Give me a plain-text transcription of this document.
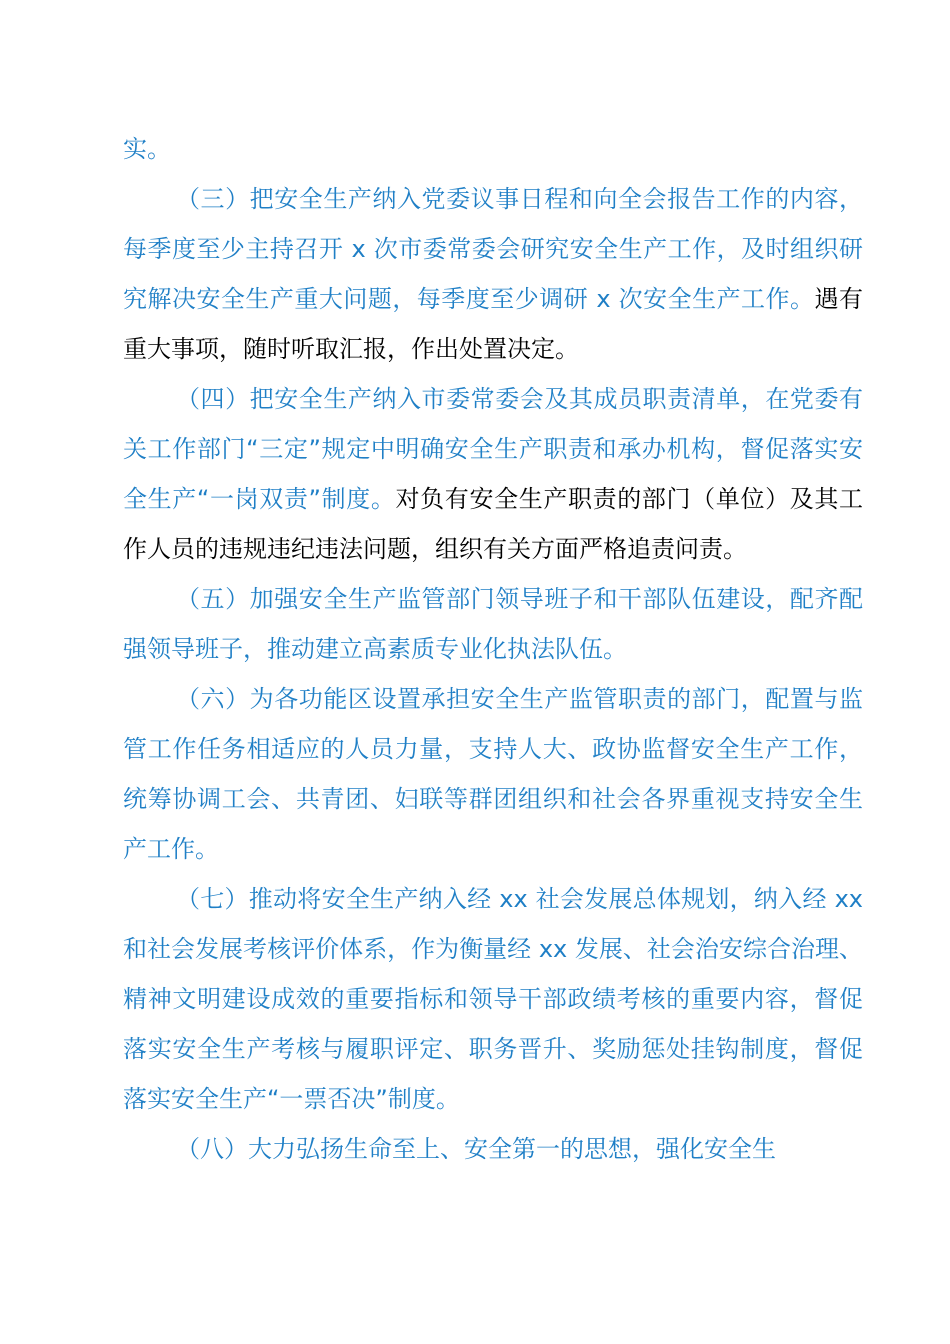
实。

（三）把安全生产纳入党委议事日程和向全会报告工作的内容，每季度至少主持召开 x 次市委常委会研究安全生产工作，及时组织研究解决安全生产重大问题，每季度至少调研 x 次安全生产工作。遇有重大事项，随时听取汇报，作出处置决定。

（四）把安全生产纳入市委常委会及其成员职责清单，在党委有关工作部门“三定”规定中明确安全生产职责和承办机构，督促落实安全生产“一岗双责”制度。对负有安全生产职责的部门（单位）及其工作人员的违规违纪违法问题，组织有关方面严格追责问责。

（五）加强安全生产监管部门领导班子和干部队伍建设，配齐配强领导班子，推动建立高素质专业化执法队伍。

（六）为各功能区设置承担安全生产监管职责的部门，配置与监管工作任务相适应的人员力量，支持人大、政协监督安全生产工作，统筹协调工会、共青团、妇联等群团组织和社会各界重视支持安全生产工作。

（七）推动将安全生产纳入经 xx 社会发展总体规划，纳入经 xx 和社会发展考核评价体系，作为衡量经 xx 发展、社会治安综合治理、精神文明建设成效的重要指标和领导干部政绩考核的重要内容，督促落实安全生产考核与履职评定、职务晋升、奖励惩处挂钩制度，督促落实安全生产“一票否决”制度。

（八）大力弘扬生命至上、安全第一的思想，强化安全生
